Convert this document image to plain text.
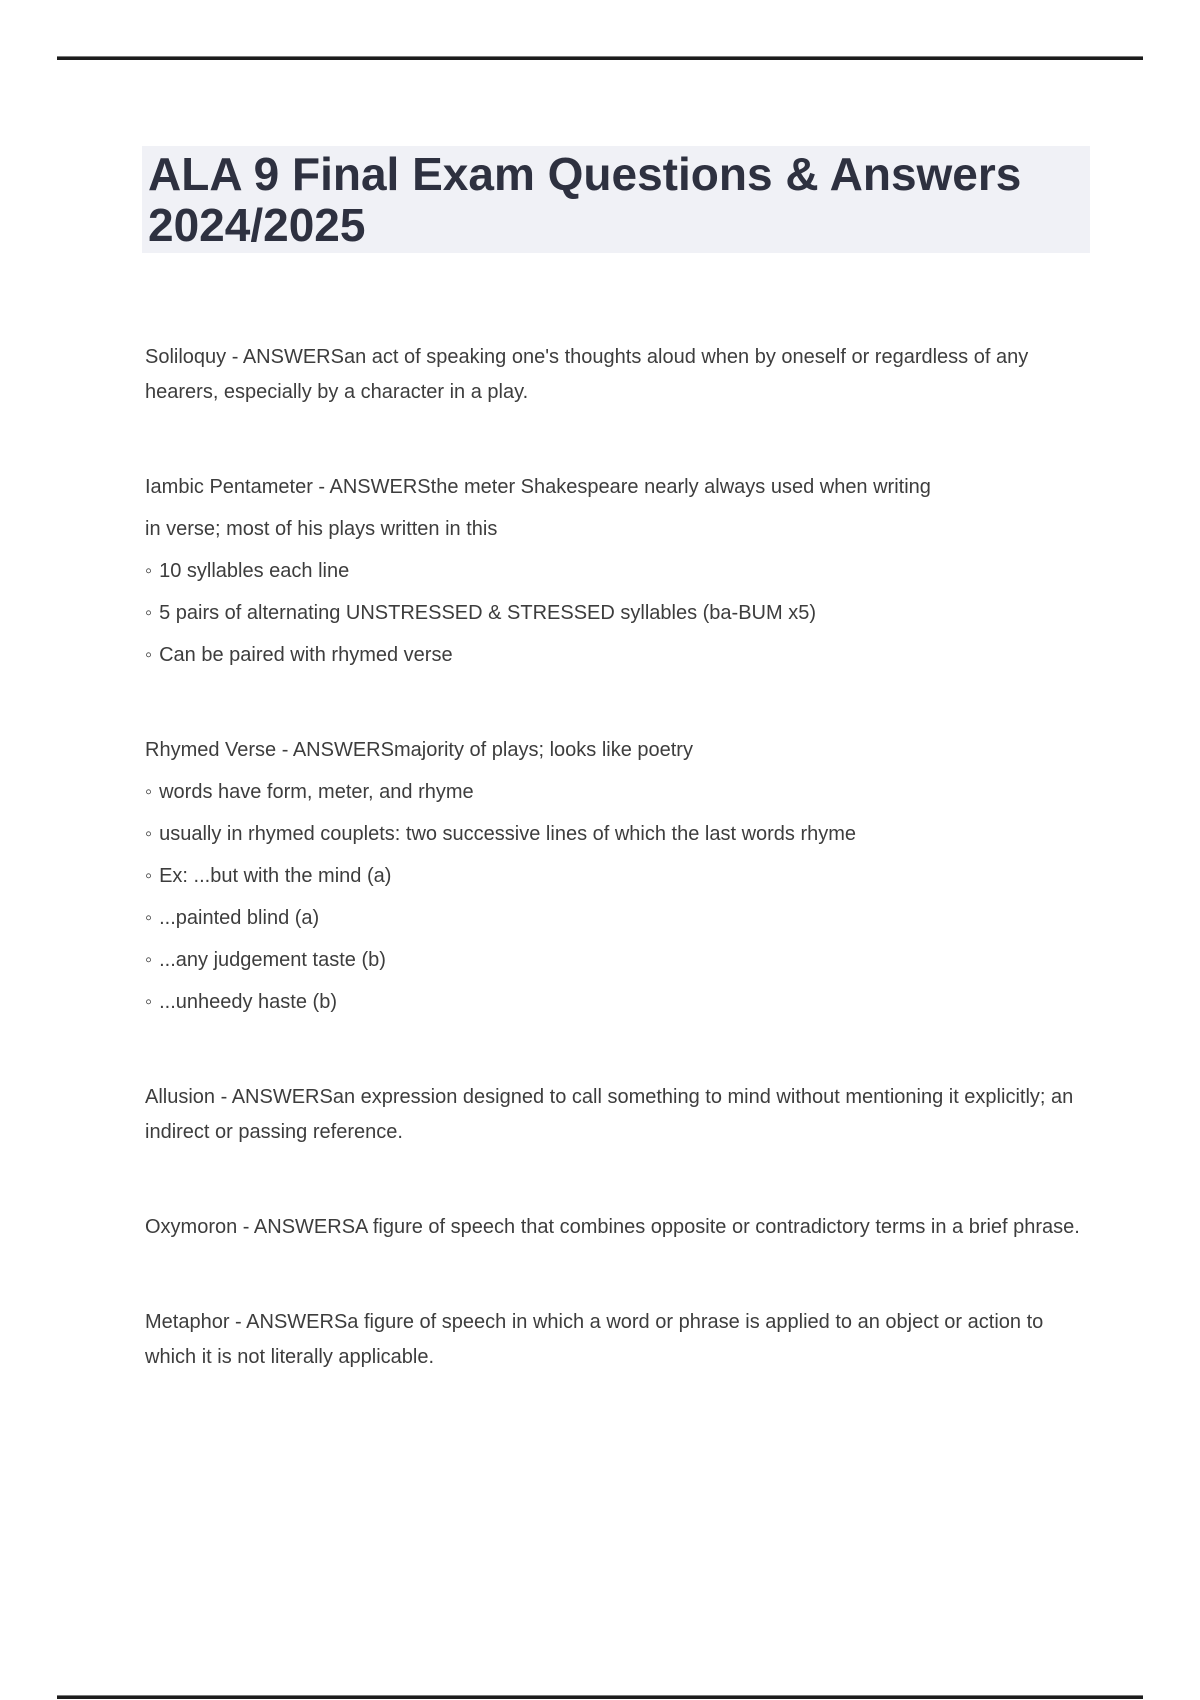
ALA 9 Final Exam Questions & Answers
2024/2025
Soliloquy - ANSWERSan act of speaking one's thoughts aloud when by oneself or regardless of any
hearers, especially by a character in a play.
Iambic Pentameter - ANSWERSthe meter Shakespeare nearly always used when writing
in verse; most of his plays written in this
◦ 10 syllables each line
◦ 5 pairs of alternating UNSTRESSED & STRESSED syllables (ba-BUM x5)
◦ Can be paired with rhymed verse
Rhymed Verse - ANSWERSmajority of plays; looks like poetry
◦ words have form, meter, and rhyme
◦ usually in rhymed couplets: two successive lines of which the last words rhyme
◦ Ex: ...but with the mind (a)
◦ ...painted blind (a)
◦ ...any judgement taste (b)
◦ ...unheedy haste (b)
Allusion - ANSWERSan expression designed to call something to mind without mentioning it explicitly; an
indirect or passing reference.
Oxymoron - ANSWERSA figure of speech that combines opposite or contradictory terms in a brief phrase.
Metaphor - ANSWERSa figure of speech in which a word or phrase is applied to an object or action to
which it is not literally applicable.
